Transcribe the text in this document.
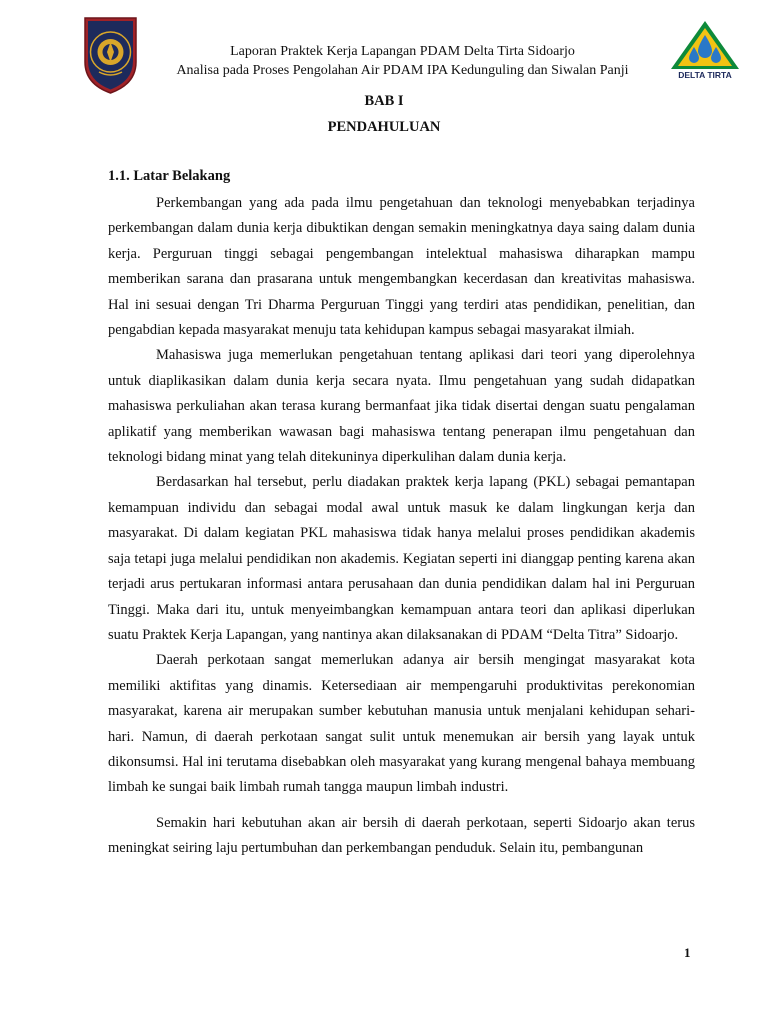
DELTA TIRTA
Laporan Praktek Kerja Lapangan PDAM Delta Tirta Sidoarjo
Analisa pada Proses Pengolahan Air PDAM IPA Kedunguling dan Siwalan Panji
BAB I
PENDAHULUAN
1.1. Latar Belakang

Perkembangan yang ada pada ilmu pengetahuan dan teknologi menyebabkan terjadinya perkembangan dalam dunia kerja dibuktikan dengan semakin meningkatnya daya saing dalam dunia kerja. Perguruan tinggi sebagai pengembangan intelektual mahasiswa diharapkan mampu memberikan sarana dan prasarana untuk mengembangkan kecerdasan dan kreativitas mahasiswa. Hal ini sesuai dengan Tri Dharma Perguruan Tinggi yang terdiri atas pendidikan, penelitian, dan pengabdian kepada masyarakat menuju tata kehidupan kampus sebagai masyarakat ilmiah.

Mahasiswa juga memerlukan pengetahuan tentang aplikasi dari teori yang diperolehnya untuk diaplikasikan dalam dunia kerja secara nyata. Ilmu pengetahuan yang sudah didapatkan mahasiswa perkuliahan akan terasa kurang bermanfaat jika tidak disertai dengan suatu pengalaman aplikatif yang memberikan wawasan bagi mahasiswa tentang penerapan ilmu pengetahuan dan teknologi bidang minat yang telah ditekuninya diperkulihan dalam dunia kerja.

Berdasarkan hal tersebut, perlu diadakan praktek kerja lapang (PKL) sebagai pemantapan kemampuan individu dan sebagai modal awal untuk masuk ke dalam lingkungan kerja dan masyarakat. Di dalam kegiatan PKL mahasiswa tidak hanya melalui proses pendidikan akademis saja tetapi juga melalui pendidikan non akademis. Kegiatan seperti ini dianggap penting karena akan terjadi arus pertukaran informasi antara perusahaan dan dunia pendidikan dalam hal ini Perguruan Tinggi. Maka dari itu, untuk menyeimbangkan kemampuan antara teori dan aplikasi diperlukan suatu Praktek Kerja Lapangan, yang nantinya akan dilaksanakan di PDAM “Delta Titra” Sidoarjo.

Daerah perkotaan sangat memerlukan adanya air bersih mengingat masyarakat kota memiliki aktifitas yang dinamis. Ketersediaan air mempengaruhi produktivitas perekonomian masyarakat, karena air merupakan sumber kebutuhan manusia untuk menjalani kehidupan sehari-hari. Namun, di daerah perkotaan sangat sulit untuk menemukan air bersih yang layak untuk dikonsumsi. Hal ini terutama disebabkan oleh masyarakat yang kurang mengenal bahaya membuang limbah ke sungai baik limbah rumah tangga maupun limbah industri.

Semakin hari kebutuhan akan air bersih di daerah perkotaan, seperti Sidoarjo akan terus meningkat seiring laju pertumbuhan dan perkembangan penduduk. Selain itu, pembangunan

1
